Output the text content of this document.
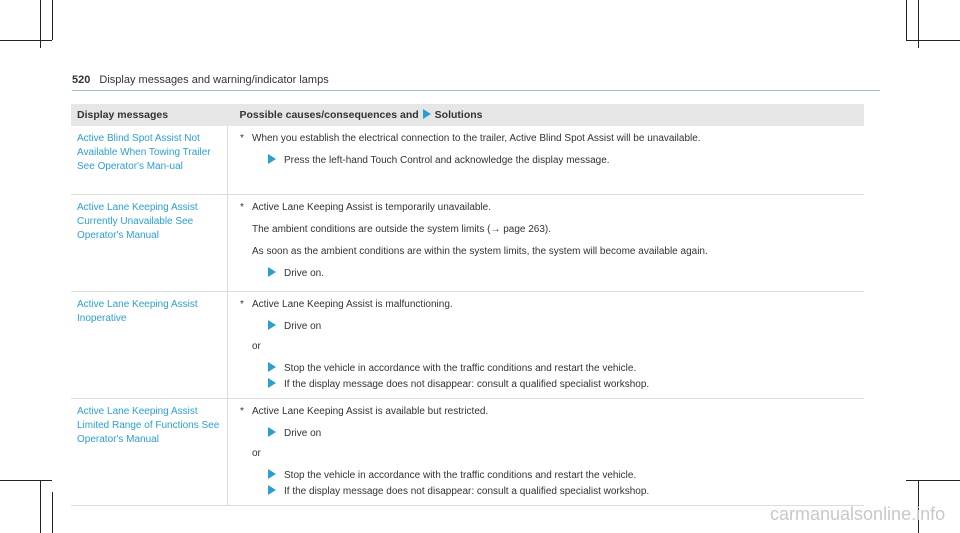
520 Display messages and warning/indicator lamps
Display messages	Possible causes/consequences and Solutions
Active Blind Spot Assist Not Available When Towing Trailer See Operator's Man-ual	* When you establish the electrical connection to the trailer, Active Blind Spot Assist will be unavailable.
Press the left-hand Touch Control and acknowledge the display message.

Active Lane Keeping Assist Currently Unavailable See Operator's Manual	* Active Lane Keeping Assist is temporarily unavailable.
The ambient conditions are outside the system limits (→ page 263).
As soon as the ambient conditions are within the system limits, the system will become available again.
Drive on.

Active Lane Keeping Assist Inoperative	* Active Lane Keeping Assist is malfunctioning.
Drive on
or
Stop the vehicle in accordance with the traffic conditions and restart the vehicle.
If the display message does not disappear: consult a qualified specialist workshop.

Active Lane Keeping Assist Limited Range of Functions See Operator's Manual	* Active Lane Keeping Assist is available but restricted.
Drive on
or
Stop the vehicle in accordance with the traffic conditions and restart the vehicle.
If the display message does not disappear: consult a qualified specialist workshop.
carmanualsonline.info
